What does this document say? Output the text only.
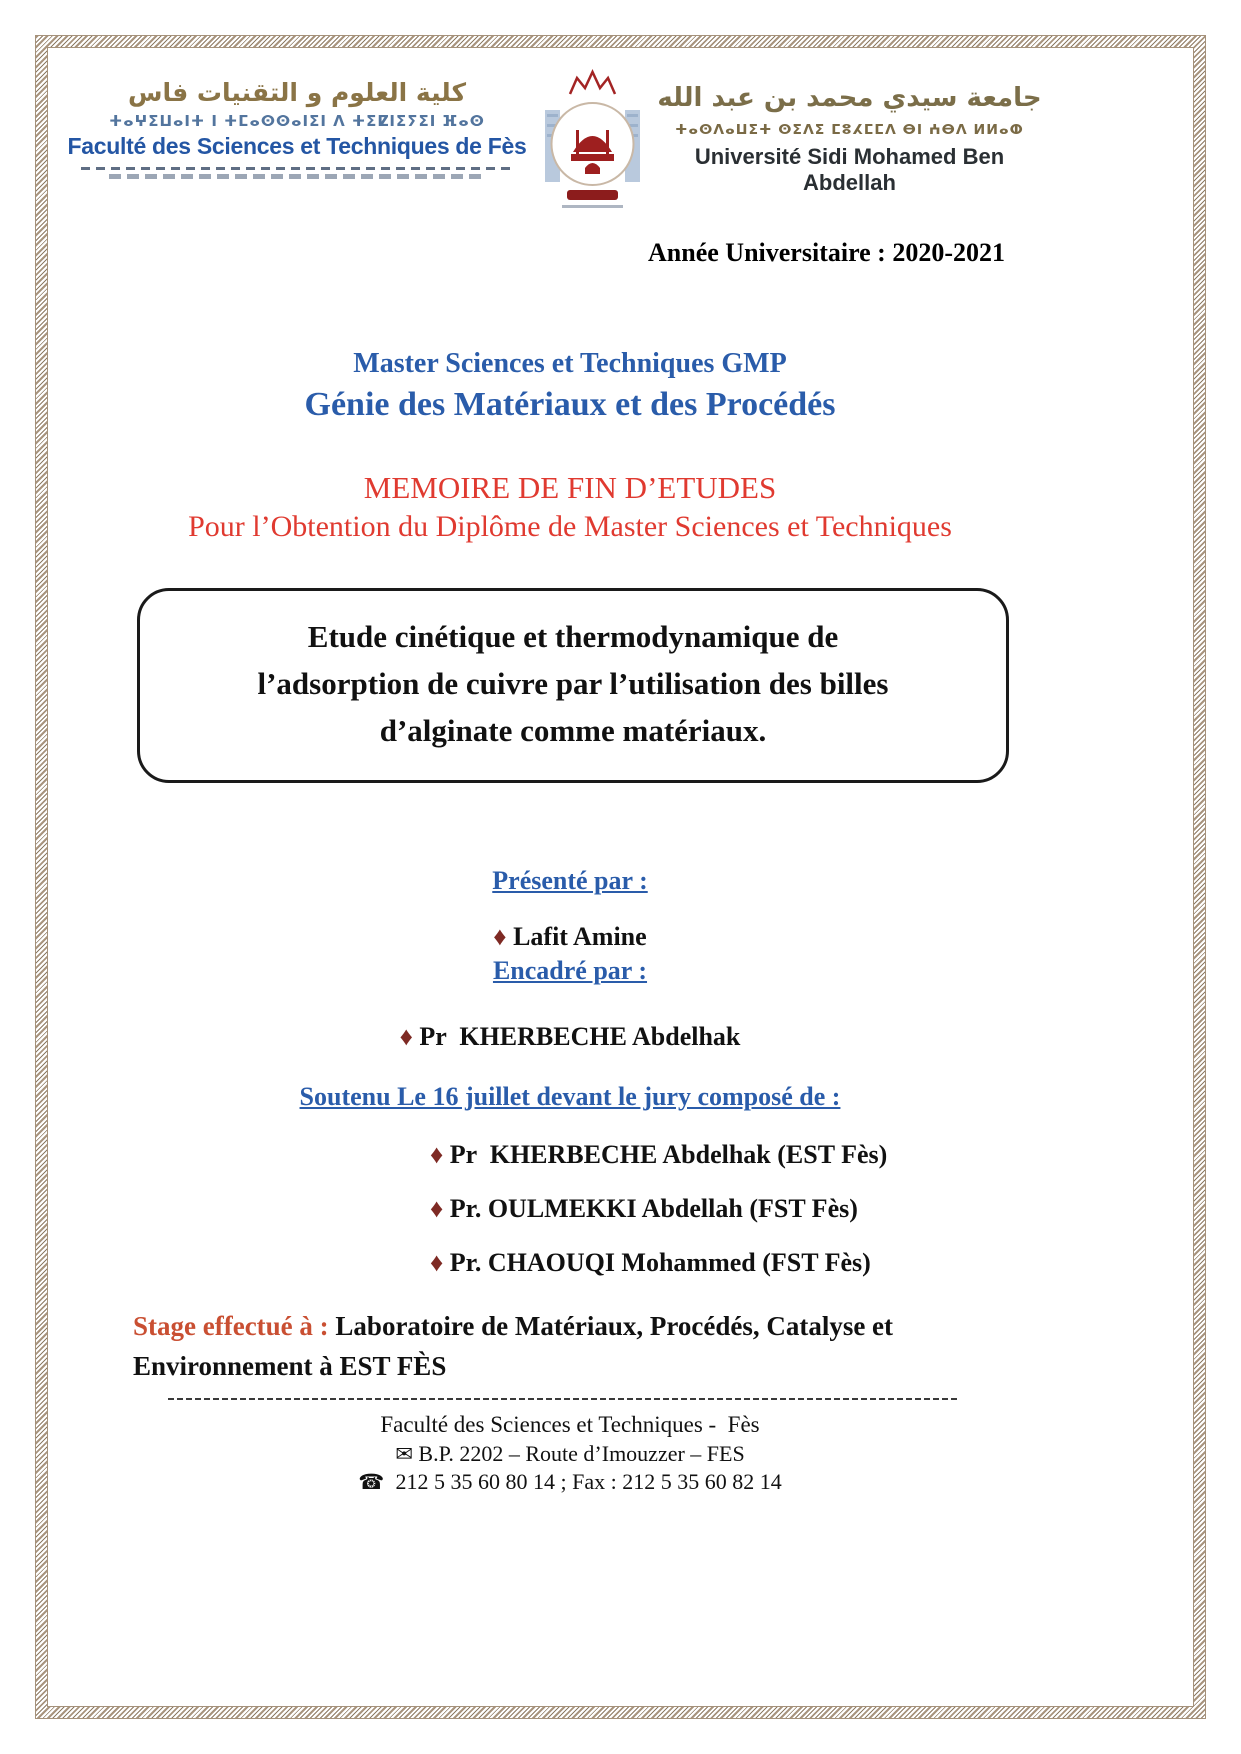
كلية العلوم و التقنيات فاس
ⵜⴰⵖⵉⵡⴰⵏⵜ ⵏ ⵜⵎⴰⵙⵙⴰⵏⵉⵏ ⴷ ⵜⵉⵇⵏⵉⵢⵉⵏ ⴼⴰⵙ
Faculté des Sciences et Techniques de Fès
جامعة سيدي محمد بن عبد الله
ⵜⴰⵙⴷⴰⵡⵉⵜ ⵙⵉⴷⵉ ⵎⵓⵃⵎⵎⴷ ⴱⵏ ⵄⴱⴷ ⵍⵍⴰⵀ
Université Sidi Mohamed Ben Abdellah
Année Universitaire : 2020-2021
Master Sciences et Techniques GMP
Génie des Matériaux et des Procédés
MEMOIRE DE FIN D’ETUDES
Pour l’Obtention du Diplôme de Master Sciences et Techniques
Etude cinétique et thermodynamique de
l’adsorption de cuivre par l’utilisation des billes
d’alginate comme matériaux.
Présenté par :
♦ Lafit Amine
Encadré par :
♦ Pr  KHERBECHE Abdelhak
Soutenu Le 16 juillet devant le jury composé de :
♦ Pr  KHERBECHE Abdelhak (EST Fès)
♦ Pr. OULMEKKI Abdellah (FST Fès)
♦ Pr. CHAOUQI Mohammed (FST Fès)
Stage effectué à : Laboratoire de Matériaux, Procédés, Catalyse et Environnement à EST FÈS
Faculté des Sciences et Techniques -  Fès
✉ B.P. 2202 – Route d’Imouzzer – FES
☎  212 5 35 60 80 14 ; Fax : 212 5 35 60 82 14
